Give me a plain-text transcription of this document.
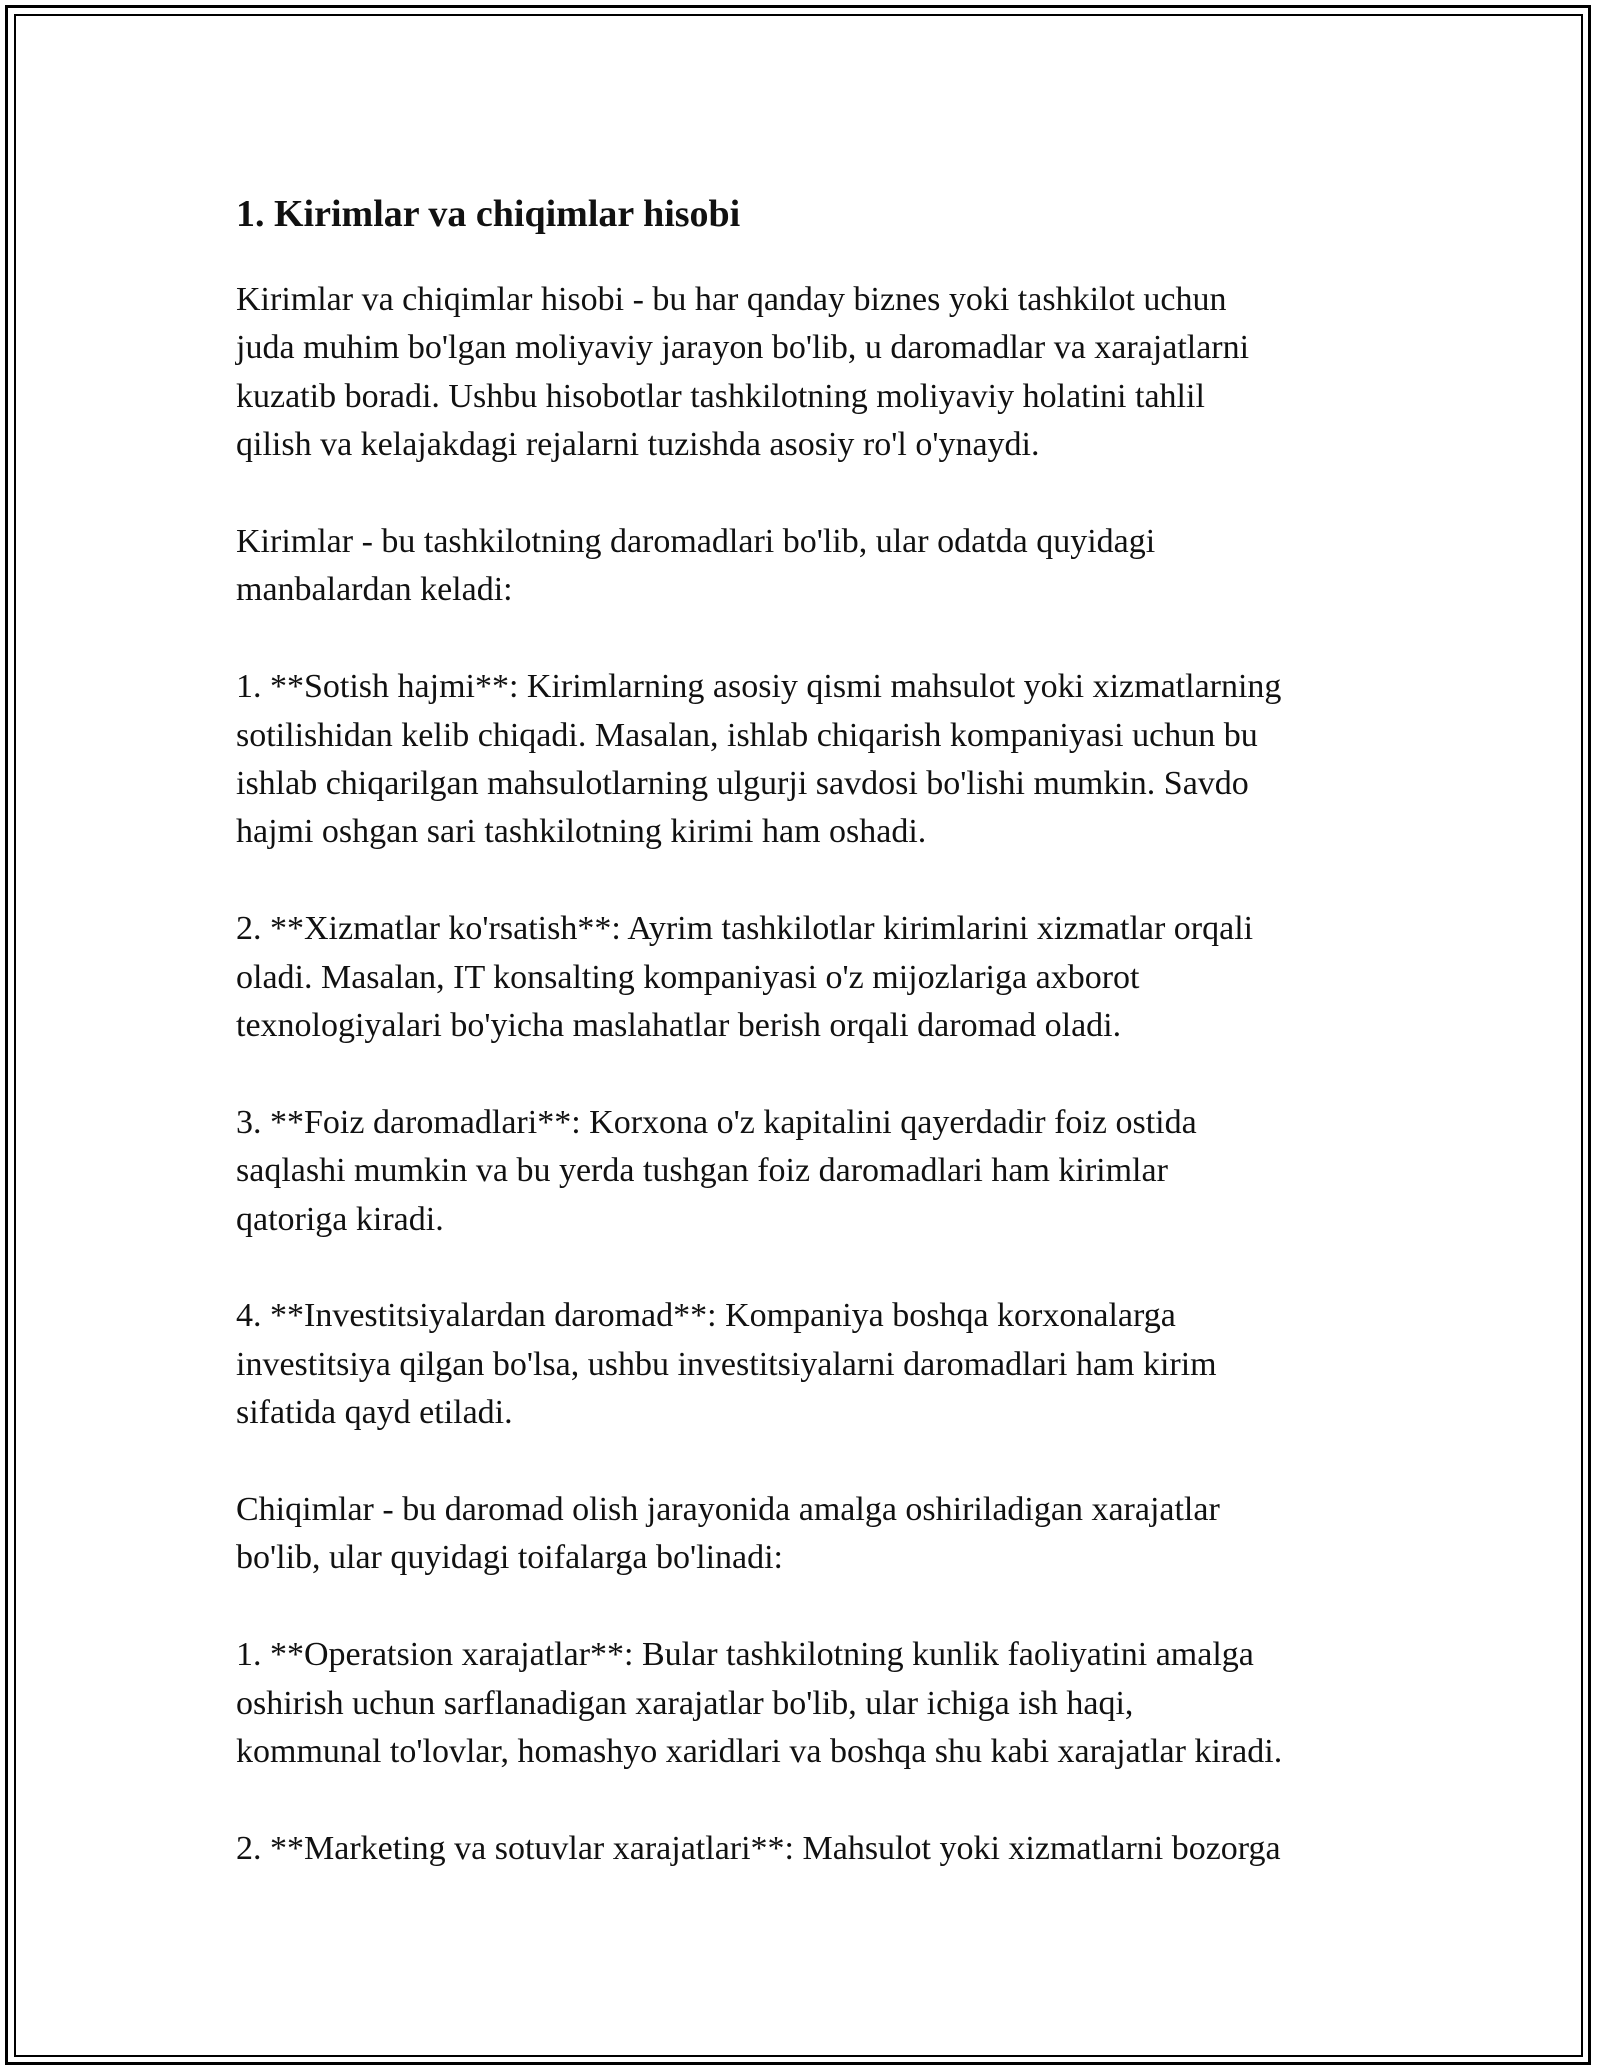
1. Kirimlar va chiqimlar hisobi

Kirimlar va chiqimlar hisobi - bu har qanday biznes yoki tashkilot uchun
juda muhim bo'lgan moliyaviy jarayon bo'lib, u daromadlar va xarajatlarni
kuzatib boradi. Ushbu hisobotlar tashkilotning moliyaviy holatini tahlil
qilish va kelajakdagi rejalarni tuzishda asosiy ro'l o'ynaydi.

Kirimlar - bu tashkilotning daromadlari bo'lib, ular odatda quyidagi
manbalardan keladi:

1. **Sotish hajmi**: Kirimlarning asosiy qismi mahsulot yoki xizmatlarning
sotilishidan kelib chiqadi. Masalan, ishlab chiqarish kompaniyasi uchun bu
ishlab chiqarilgan mahsulotlarning ulgurji savdosi bo'lishi mumkin. Savdo
hajmi oshgan sari tashkilotning kirimi ham oshadi.

2. **Xizmatlar ko'rsatish**: Ayrim tashkilotlar kirimlarini xizmatlar orqali
oladi. Masalan, IT konsalting kompaniyasi o'z mijozlariga axborot
texnologiyalari bo'yicha maslahatlar berish orqali daromad oladi.

3. **Foiz daromadlari**: Korxona o'z kapitalini qayerdadir foiz ostida
saqlashi mumkin va bu yerda tushgan foiz daromadlari ham kirimlar
qatoriga kiradi.

4. **Investitsiyalardan daromad**: Kompaniya boshqa korxonalarga
investitsiya qilgan bo'lsa, ushbu investitsiyalarni daromadlari ham kirim
sifatida qayd etiladi.

Chiqimlar - bu daromad olish jarayonida amalga oshiriladigan xarajatlar
bo'lib, ular quyidagi toifalarga bo'linadi:

1. **Operatsion xarajatlar**: Bular tashkilotning kunlik faoliyatini amalga
oshirish uchun sarflanadigan xarajatlar bo'lib, ular ichiga ish haqi,
kommunal to'lovlar, homashyo xaridlari va boshqa shu kabi xarajatlar kiradi.

2. **Marketing va sotuvlar xarajatlari**: Mahsulot yoki xizmatlarni bozorga
